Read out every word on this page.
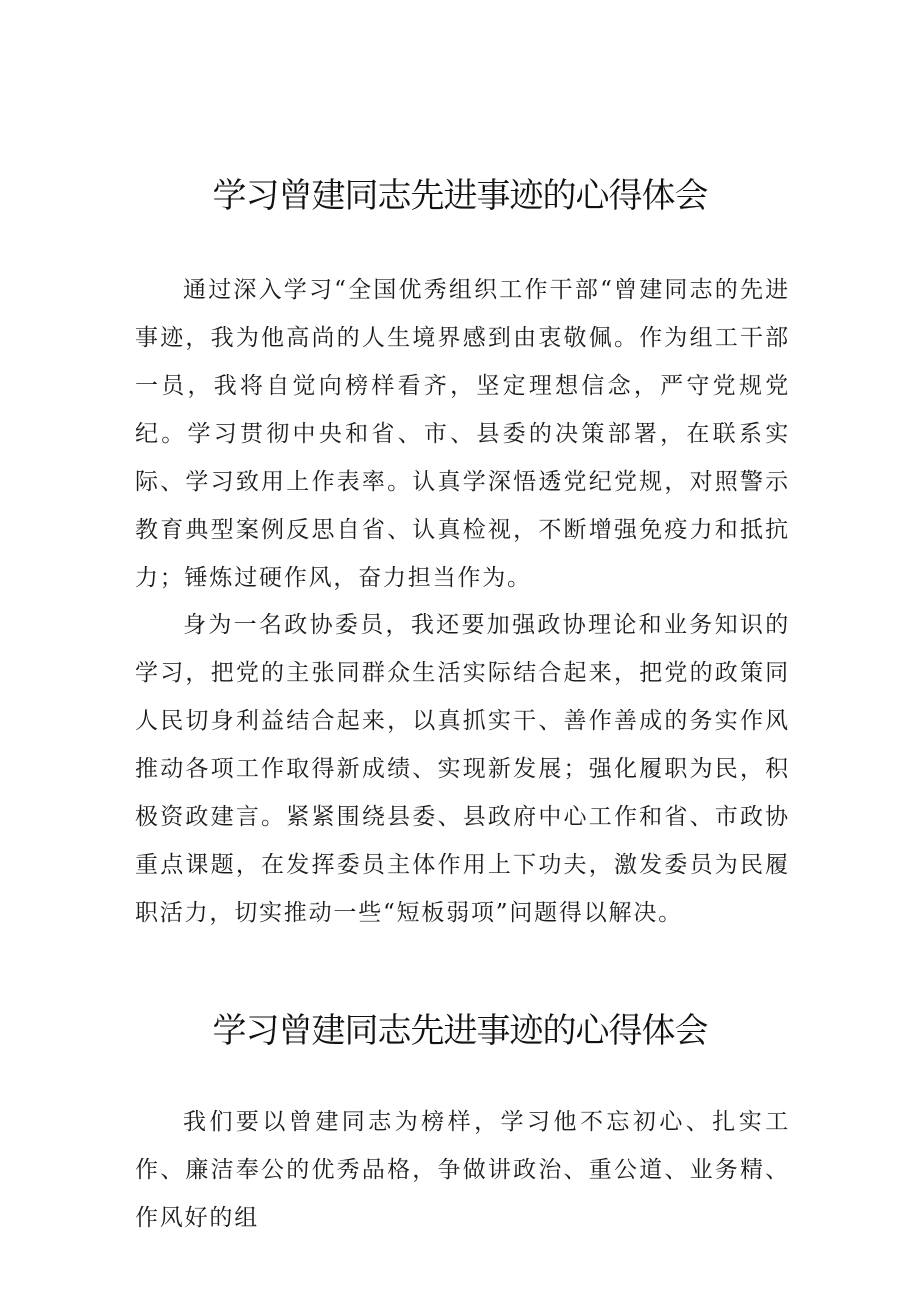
学习曾建同志先进事迹的心得体会

通过深入学习“全国优秀组织工作干部“曾建同志的先进事迹，我为他高尚的人生境界感到由衷敬佩。作为组工干部一员，我将自觉向榜样看齐，坚定理想信念，严守党规党纪。学习贯彻中央和省、市、县委的决策部署，在联系实际、学习致用上作表率。认真学深悟透党纪党规，对照警示教育典型案例反思自省、认真检视，不断增强免疫力和抵抗力；锤炼过硬作风，奋力担当作为。

身为一名政协委员，我还要加强政协理论和业务知识的学习，把党的主张同群众生活实际结合起来，把党的政策同人民切身利益结合起来，以真抓实干、善作善成的务实作风推动各项工作取得新成绩、实现新发展；强化履职为民，积极资政建言。紧紧围绕县委、县政府中心工作和省、市政协重点课题，在发挥委员主体作用上下功夫，激发委员为民履职活力，切实推动一些“短板弱项”问题得以解决。

学习曾建同志先进事迹的心得体会

我们要以曾建同志为榜样，学习他不忘初心、扎实工作、廉洁奉公的优秀品格，争做讲政治、重公道、业务精、作风好的组
